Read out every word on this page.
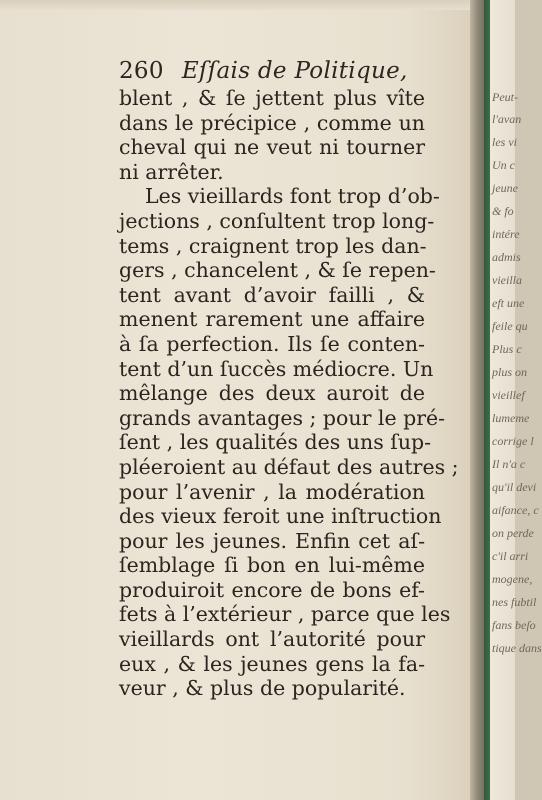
260 Eſſais de Politique,
blent , & ſe jettent plus vîte
dans le précipice , comme un
cheval qui ne veut ni tourner
ni arrêter.
Les vieillards font trop d’ob-
jections , conſultent trop long-
tems , craignent trop les dan-
gers , chancelent , & ſe repen-
tent avant d’avoir failli , &
menent rarement une affaire
à ſa perfection. Ils ſe conten-
tent d’un ſuccès médiocre. Un
mêlange des deux auroit de
grands avantages ; pour le pré-
ſent , les qualités des uns ſup-
pléeroient au défaut des autres ;
pour l’avenir , la modération
des vieux feroit une inſtruction
pour les jeunes. Enfin cet aſ-
ſemblage ſi bon en lui-même
produiroit encore de bons ef-
fets à l’extérieur , parce que les
vieillards ont l’autorité pour
eux , & les jeunes gens la fa-
veur , & plus de popularité.
Peut-
l'avan
les vi
Un c
jeune
& fo
intére
admis
vieilla
eft une
feile qu
Plus c
plus on
vieillef
lumeme
corrige l
Il n'a c
qu'il devi
aifance, c
on perde
c'il arri
mogene,
nes fubtil
fans beſo
tique dans
